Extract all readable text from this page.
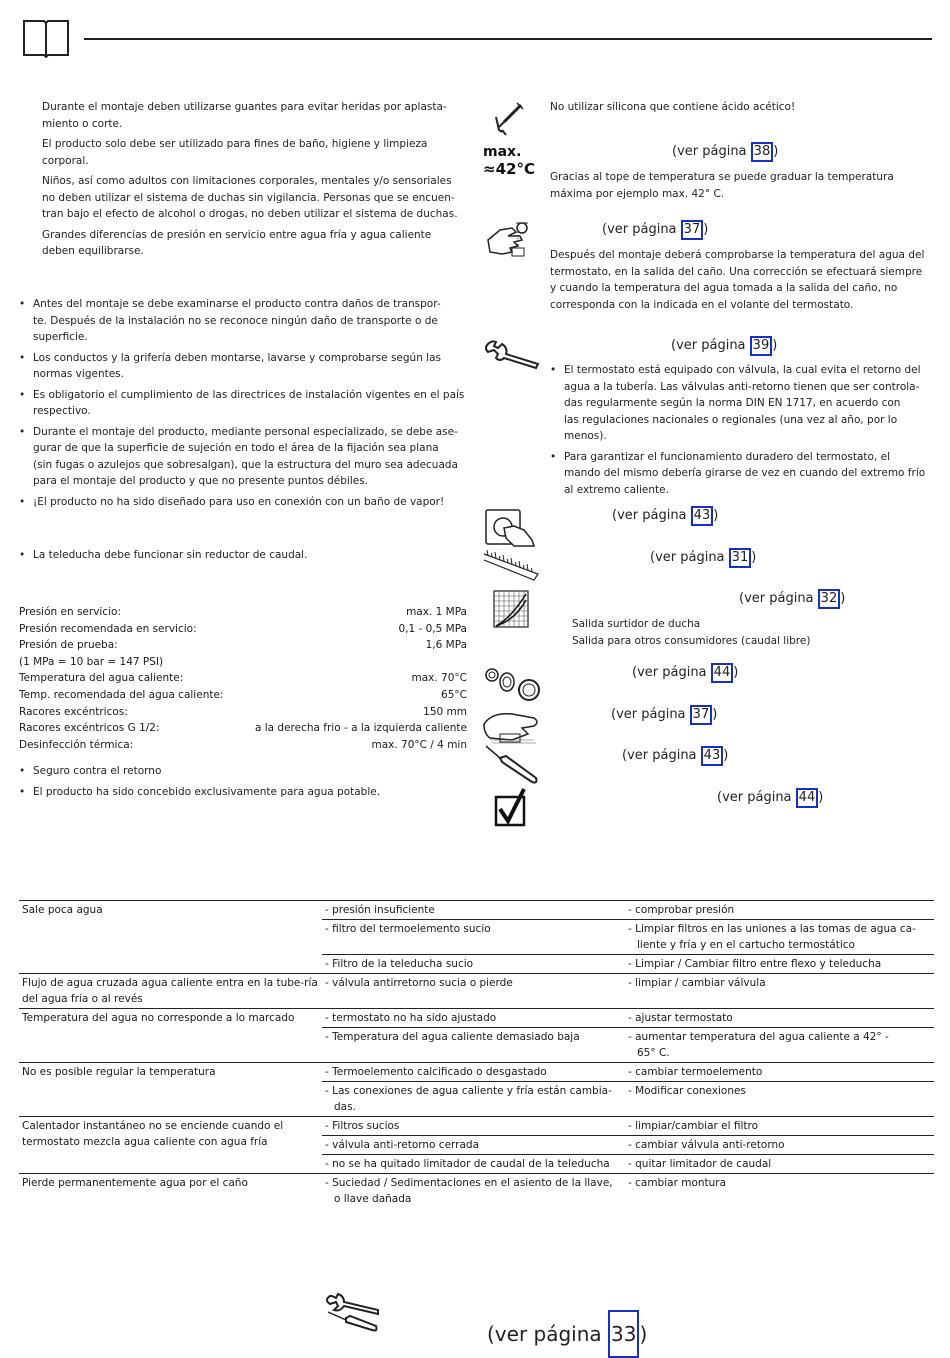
Durante el montaje deben utilizarse guantes para evitar heridas por aplasta-
miento o corte.
El producto solo debe ser utilizado para fines de baño, higiene y limpieza
corporal.
Niños, así como adultos con limitaciones corporales, mentales y/o sensoriales
no deben utilizar el sistema de duchas sin vigilancia. Personas que se encuen-
tran bajo el efecto de alcohol o drogas, no deben utilizar el sistema de duchas.
Grandes diferencias de presión en servicio entre agua fría y agua caliente
deben equilibrarse.
• Antes del montaje se debe examinarse el producto contra daños de transpor-
te. Después de la instalación no se reconoce ningún daño de transporte o de
superficie.
• Los conductos y la grifería deben montarse, lavarse y comprobarse según las
normas vigentes.
• Es obligatorio el cumplimiento de las directrices de instalación vigentes en el país
respectivo.
• Durante el montaje del producto, mediante personal especializado, se debe ase-
gurar de que la superficie de sujeción en todo el área de la fijación sea plana
(sin fugas o azulejos que sobresalgan), que la estructura del muro sea adecuada
para el montaje del producto y que no presente puntos débiles.
• ¡El producto no ha sido diseñado para uso en conexión con un baño de vapor!
• La teleducha debe funcionar sin reductor de caudal.
Presión en servicio:	max. 1 MPa
Presión recomendada en servicio:	0,1 - 0,5 MPa
Presión de prueba:	1,6 MPa
(1 MPa = 10 bar = 147 PSI)
Temperatura del agua caliente:	max. 70°C
Temp. recomendada del agua caliente:	65°C
Racores excéntricos:	150 mm
Racores excéntricos G 1/2:	a la derecha frio - a la izquierda caliente
Desinfección térmica:	max. 70°C / 4 min
• Seguro contra el retorno
• El producto ha sido concebido exclusivamente para agua potable.
max.
≈42°C
No utilizar silicona que contiene ácido acético!
(ver página 38 )
Gracias al tope de temperatura se puede graduar la temperatura
máxima por ejemplo max. 42° C.
(ver página 37 )
Después del montaje deberá comprobarse la temperatura del agua del
termostato, en la salida del caño. Una corrección se efectuará siempre
y cuando la temperatura del agua tomada a la salida del caño, no
corresponda con la indicada en el volante del termostato.
(ver página 39 )
• El termostato está equipado con válvula, la cual evita el retorno del
agua a la tubería. Las válvulas anti-retorno tienen que ser controla-
das regularmente según la norma DIN EN 1717, en acuerdo con
las regulaciones nacionales o regionales (una vez al año, por lo
menos).
• Para garantizar el funcionamiento duradero del termostato, el
mando del mismo debería girarse de vez en cuando del extremo frío
al extremo caliente.
(ver página 43 )
(ver página 31 )
(ver página 32 )
Salida surtidor de ducha
Salida para otros consumidores (caudal libre)
(ver página 44 )
(ver página 37 )
(ver página 43 )
(ver página 44 )
Sale poca agua	- presión insuficiente	- comprobar presión

	- filtro del termoelemento sucio	- Limpiar filtros en las uniones a las tomas de agua ca-
liente y fría y en el cartucho termostático

	- Filtro de la teleducha sucio	- Limpiar / Cambiar filtro entre flexo y teleducha

Flujo de agua cruzada agua caliente entra en la tube-ría del agua fría o al revés	- válvula antirretorno sucia o pierde	- limpiar / cambiar válvula

Temperatura del agua no corresponde a lo marcado	- termostato no ha sido ajustado	- ajustar termostato

	- Temperatura del agua caliente demasiado baja	- aumentar temperatura del agua caliente a 42° -
65° C.

No es posible regular la temperatura	- Termoelemento calcificado o desgastado	- cambiar termoelemento

	- Las conexiones de agua caliente y fría están cambia-
das.	- Modificar conexiones

Calentador instantáneo no se enciende cuando el termostato mezcla agua caliente con agua fría	- Filtros sucios	- limpiar/cambiar el filtro

	- válvula anti-retorno cerrada	- cambiar válvula anti-retorno

	- no se ha quitado limitador de caudal de la teleducha	- quitar limitador de caudal

Pierde permanentemente agua por el caño	- Suciedad / Sedimentaciones en el asiento de la llave,
o llave dañada	- cambiar montura
(ver página 33 )
